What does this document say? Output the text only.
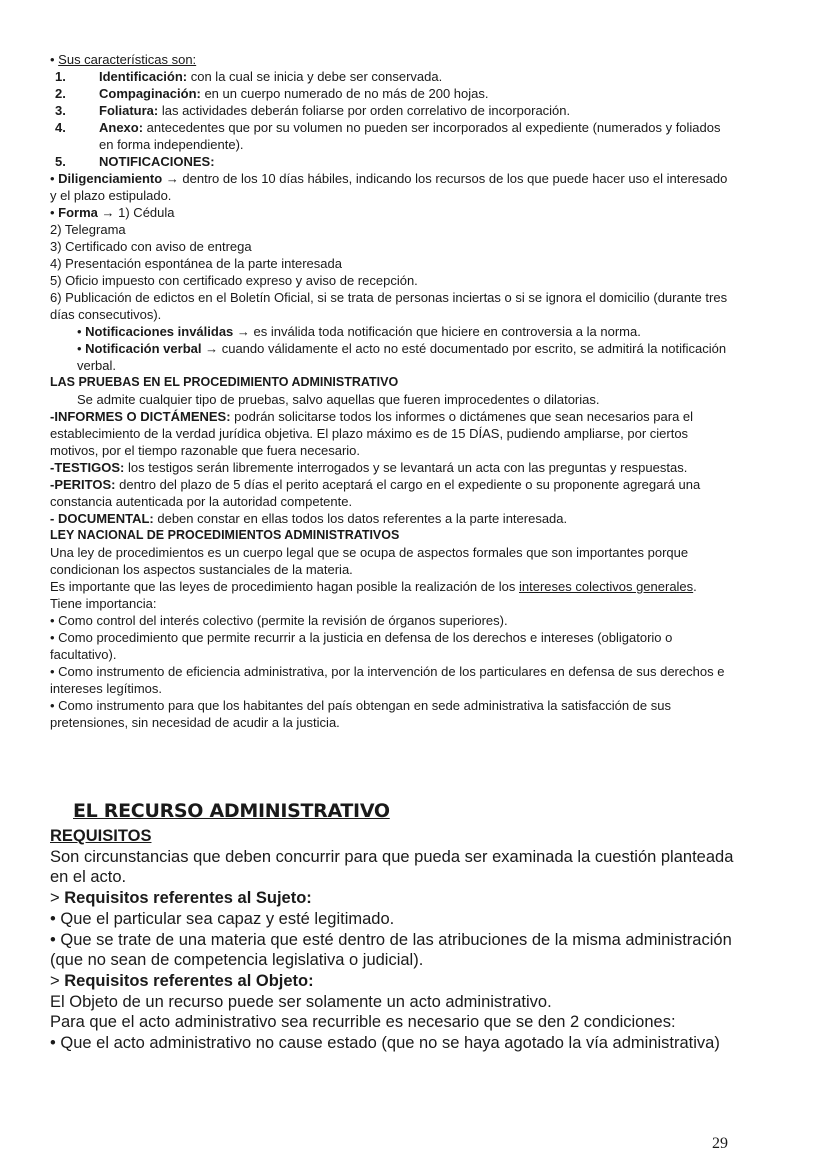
• Sus características son:

1.	Identificación: con la cual se inicia y debe ser conservada.

2.	Compaginación: en un cuerpo numerado de no más de 200 hojas.

3.	Foliatura: las actividades deberán foliarse por orden correlativo de incorporación.

4.	Anexo: antecedentes que por su volumen no pueden ser incorporados al expediente (numerados y foliados en forma independiente).

5.	NOTIFICACIONES:

• Diligenciamiento → dentro de los 10 días hábiles, indicando los recursos de los que puede hacer uso el interesado y el plazo estipulado.

• Forma → 1) Cédula

2) Telegrama

3) Certificado con aviso de entrega

4) Presentación espontánea de la parte interesada

5) Oficio impuesto con certificado expreso y aviso de recepción.

6) Publicación de edictos en el Boletín Oficial, si se trata de personas inciertas o si se ignora el domicilio (durante tres días consecutivos).

• Notificaciones inválidas → es inválida toda notificación que hiciere en controversia a la norma.

• Notificación verbal → cuando válidamente el acto no esté documentado por escrito, se admitirá la notificación verbal.

LAS PRUEBAS EN EL PROCEDIMIENTO ADMINISTRATIVO

Se admite cualquier tipo de pruebas, salvo aquellas que fueren improcedentes o dilatorias.

-INFORMES O DICTÁMENES: podrán solicitarse todos los informes o dictámenes que sean necesarios para el establecimiento de la verdad jurídica objetiva. El plazo máximo es de 15 DÍAS, pudiendo ampliarse, por ciertos motivos, por el tiempo razonable que fuera necesario.

-TESTIGOS: los testigos serán libremente interrogados y se levantará un acta con las preguntas y respuestas.

-PERITOS: dentro del plazo de 5 días el perito aceptará el cargo en el expediente o su proponente agregará una constancia autenticada por la autoridad competente.

- DOCUMENTAL: deben constar en ellas todos los datos referentes a la parte interesada.

LEY NACIONAL DE PROCEDIMIENTOS ADMINISTRATIVOS

Una ley de procedimientos es un cuerpo legal que se ocupa de aspectos formales que son importantes porque condicionan los aspectos sustanciales de la materia.

Es importante que las leyes de procedimiento hagan posible la realización de los intereses colectivos generales.

Tiene importancia:

• Como control del interés colectivo (permite la revisión de órganos superiores).

• Como procedimiento que permite recurrir a la justicia en defensa de los derechos e intereses (obligatorio o facultativo).

• Como instrumento de eficiencia administrativa, por la intervención de los particulares en defensa de sus derechos e intereses legítimos.

• Como instrumento para que los habitantes del país obtengan en sede administrativa la satisfacción de sus pretensiones, sin necesidad de acudir a la justicia.

EL RECURSO ADMINISTRATIVO

REQUISITOS

Son circunstancias que deben concurrir para que pueda ser examinada la cuestión planteada en el acto.

> Requisitos referentes al Sujeto:

• Que el particular sea capaz y esté legitimado.

• Que se trate de una materia que esté dentro de las atribuciones de la misma administración (que no sean de competencia legislativa o judicial).

> Requisitos referentes al Objeto:

El Objeto de un recurso puede ser solamente un acto administrativo.

Para que el acto administrativo sea recurrible es necesario que se den 2 condiciones:

• Que el acto administrativo no cause estado (que no se haya agotado la vía administrativa)

29
